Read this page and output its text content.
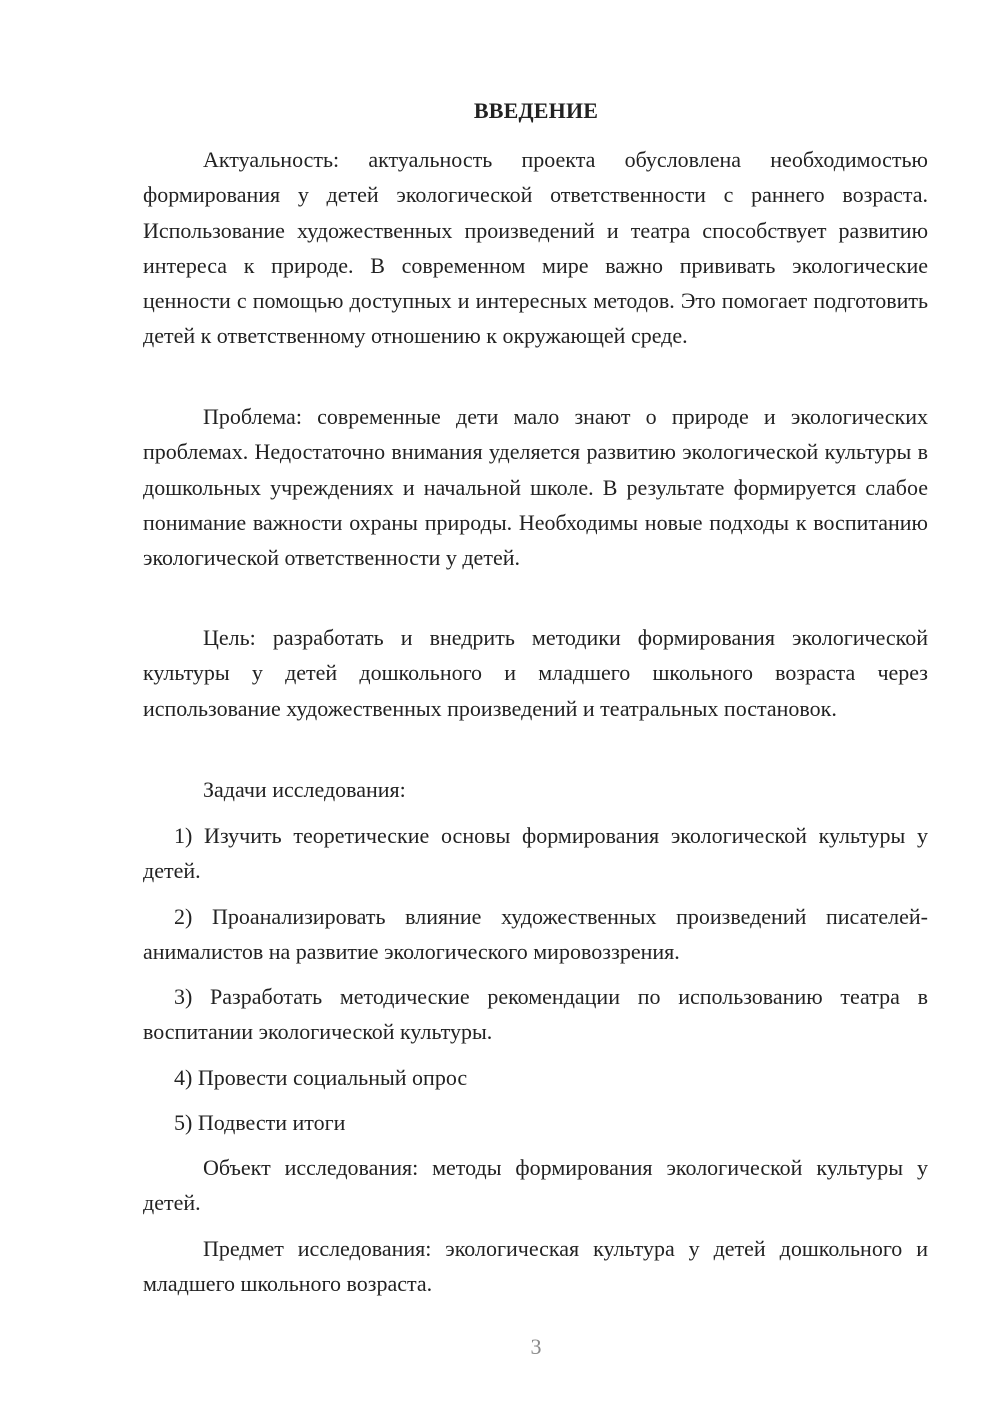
ВВЕДЕНИЕ

Актуальность: актуальность проекта обусловлена необходимостью формирования у детей экологической ответственности с раннего возраста. Использование художественных произведений и театра способствует развитию интереса к природе. В современном мире важно прививать экологические ценности с помощью доступных и интересных методов. Это помогает подготовить детей к ответственному отношению к окружающей среде.

Проблема: современные дети мало знают о природе и экологических проблемах. Недостаточно внимания уделяется развитию экологической культуры в дошкольных учреждениях и начальной школе. В результате формируется слабое понимание важности охраны природы. Необходимы новые подходы к воспитанию экологической ответственности у детей.

Цель: разработать и внедрить методики формирования экологической культуры у детей дошкольного и младшего школьного возраста через использование художественных произведений и театральных постановок.

Задачи исследования:

1) Изучить теоретические основы формирования экологической культуры у детей.

2) Проанализировать влияние художественных произведений писателей-анималистов на развитие экологического мировоззрения.

3) Разработать методические рекомендации по использованию театра в воспитании экологической культуры.

4) Провести социальный опрос

5) Подвести итоги

Объект исследования: методы формирования экологической культуры у детей.

Предмет исследования: экологическая культура у детей дошкольного и младшего школьного возраста.

3
